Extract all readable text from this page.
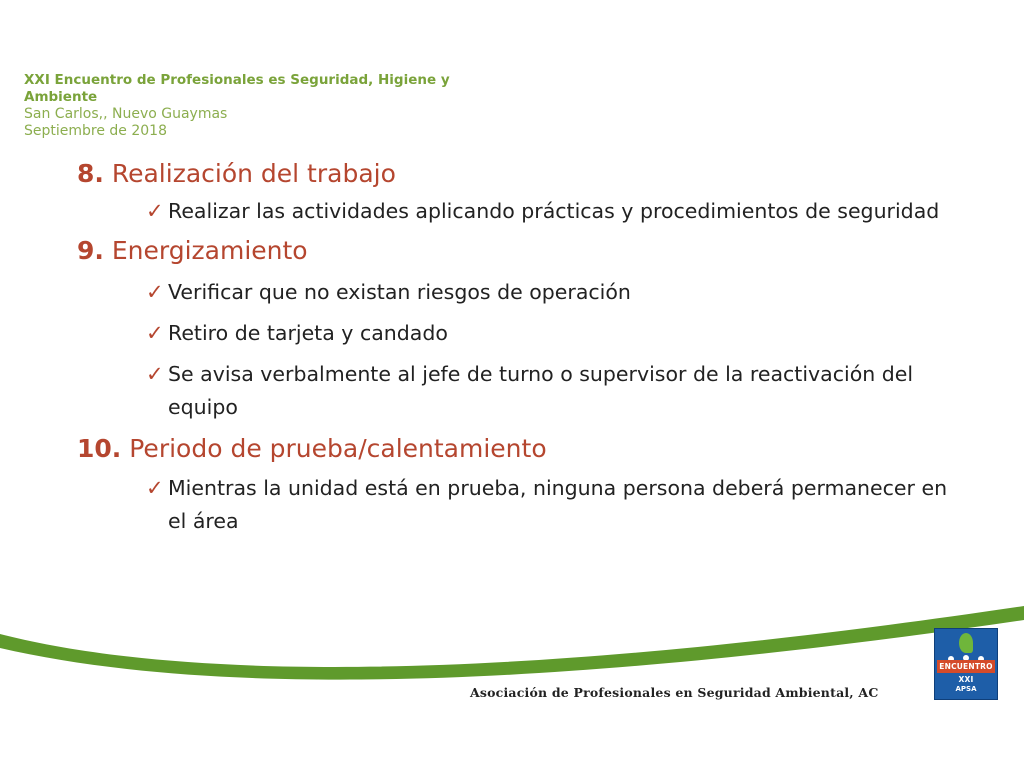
XXI Encuentro de Profesionales es Seguridad, Higiene y
Ambiente
San Carlos,, Nuevo Guaymas
Septiembre de 2018
8. Realización del trabajo
✓ Realizar las actividades aplicando prácticas y procedimientos de seguridad
9. Energizamiento
✓ Verificar que no existan riesgos de operación
✓ Retiro de tarjeta y candado
✓ Se avisa verbalmente al jefe de turno o supervisor de la reactivación del equipo
10. Periodo de prueba/calentamiento
✓ Mientras la unidad está en prueba, ninguna persona deberá permanecer en el área
Asociación de Profesionales en Seguridad Ambiental, AC
ENCUENTRO XXI
APSA
